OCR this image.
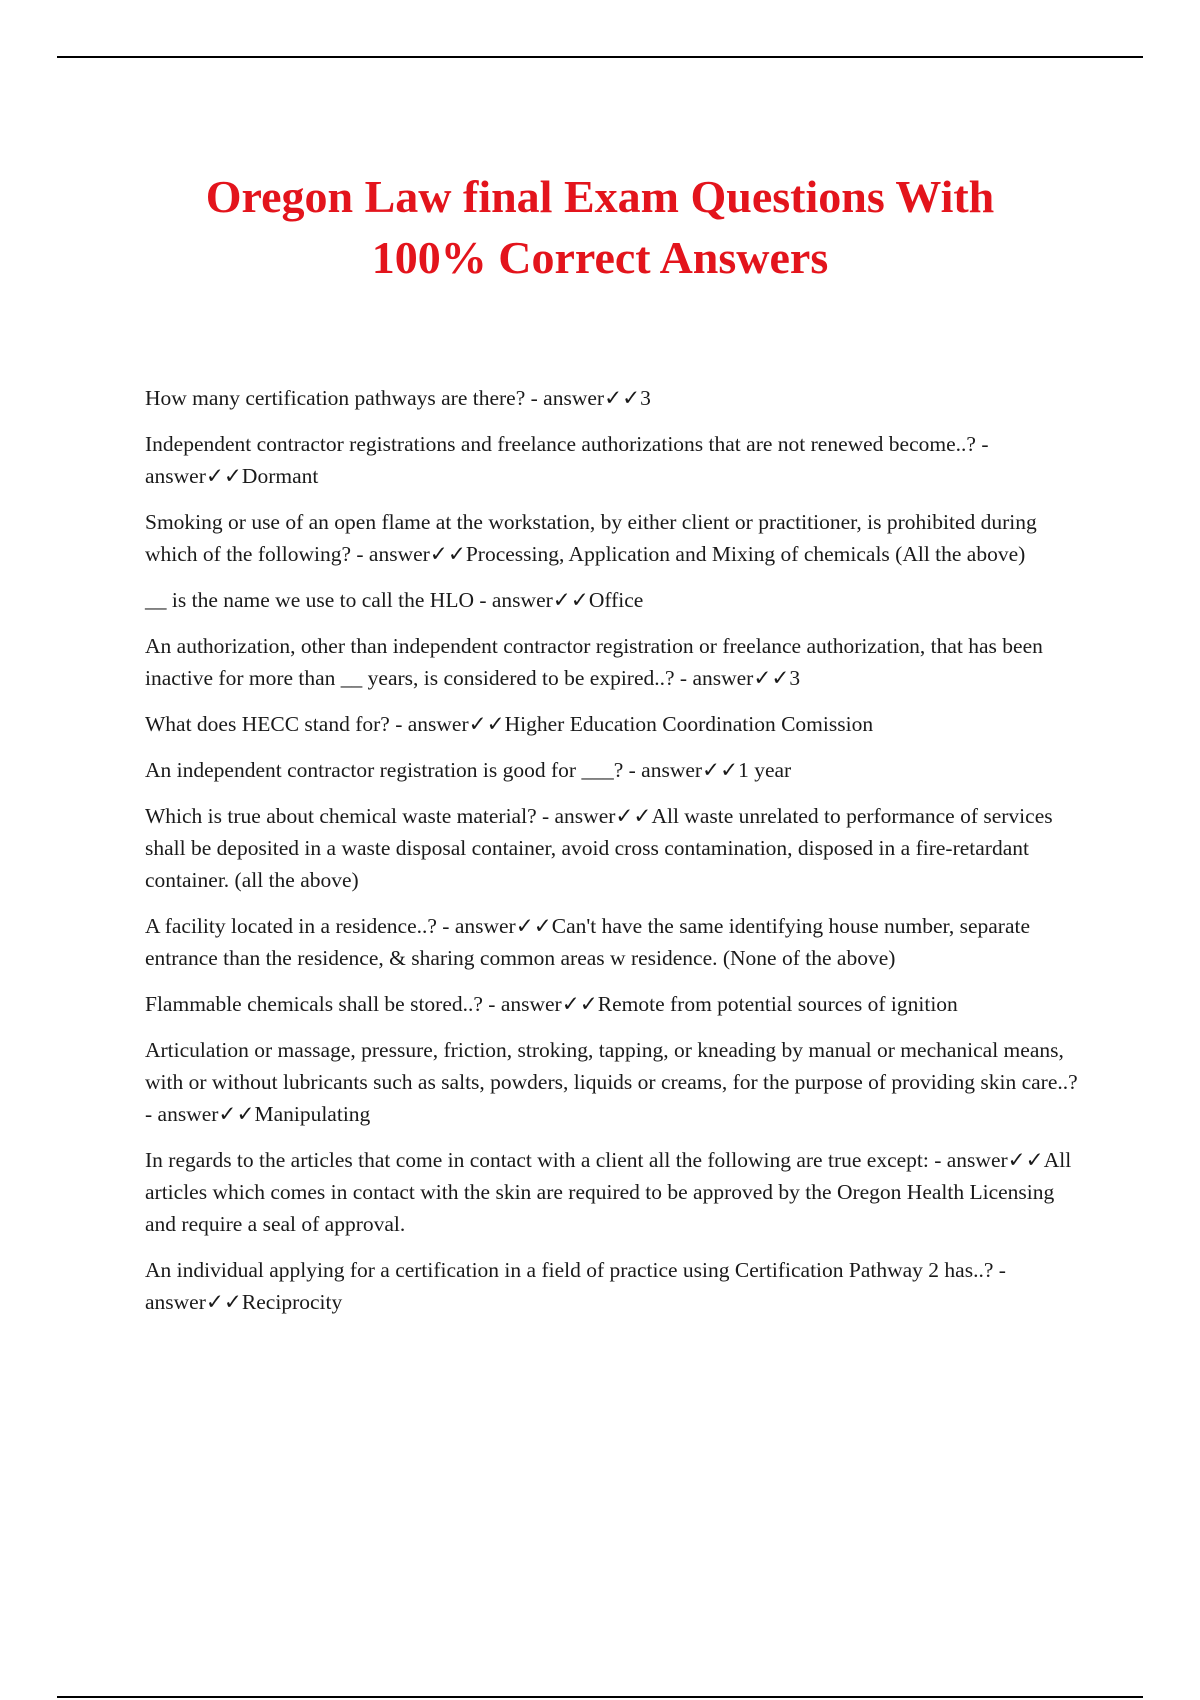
Oregon Law final Exam Questions With
100% Correct Answers
How many certification pathways are there? - answer✓✓3
Independent contractor registrations and freelance authorizations that are not renewed become..? - answer✓✓Dormant
Smoking or use of an open flame at the workstation, by either client or practitioner, is prohibited during which of the following? - answer✓✓Processing, Application and Mixing of chemicals (All the above)
__ is the name we use to call the HLO - answer✓✓Office
An authorization, other than independent contractor registration or freelance authorization, that has been inactive for more than __ years, is considered to be expired..? - answer✓✓3
What does HECC stand for? - answer✓✓Higher Education Coordination Comission
An independent contractor registration is good for ___? - answer✓✓1 year
Which is true about chemical waste material? - answer✓✓All waste unrelated to performance of services shall be deposited in a waste disposal container, avoid cross contamination, disposed in a fire-retardant container. (all the above)
A facility located in a residence..? - answer✓✓Can't have the same identifying house number, separate entrance than the residence, & sharing common areas w residence. (None of the above)
Flammable chemicals shall be stored..? - answer✓✓Remote from potential sources of ignition
Articulation or massage, pressure, friction, stroking, tapping, or kneading by manual or mechanical means, with or without lubricants such as salts, powders, liquids or creams, for the purpose of providing skin care..? - answer✓✓Manipulating
In regards to the articles that come in contact with a client all the following are true except: - answer✓✓All articles which comes in contact with the skin are required to be approved by the Oregon Health Licensing and require a seal of approval.
An individual applying for a certification in a field of practice using Certification Pathway 2 has..? - answer✓✓Reciprocity
